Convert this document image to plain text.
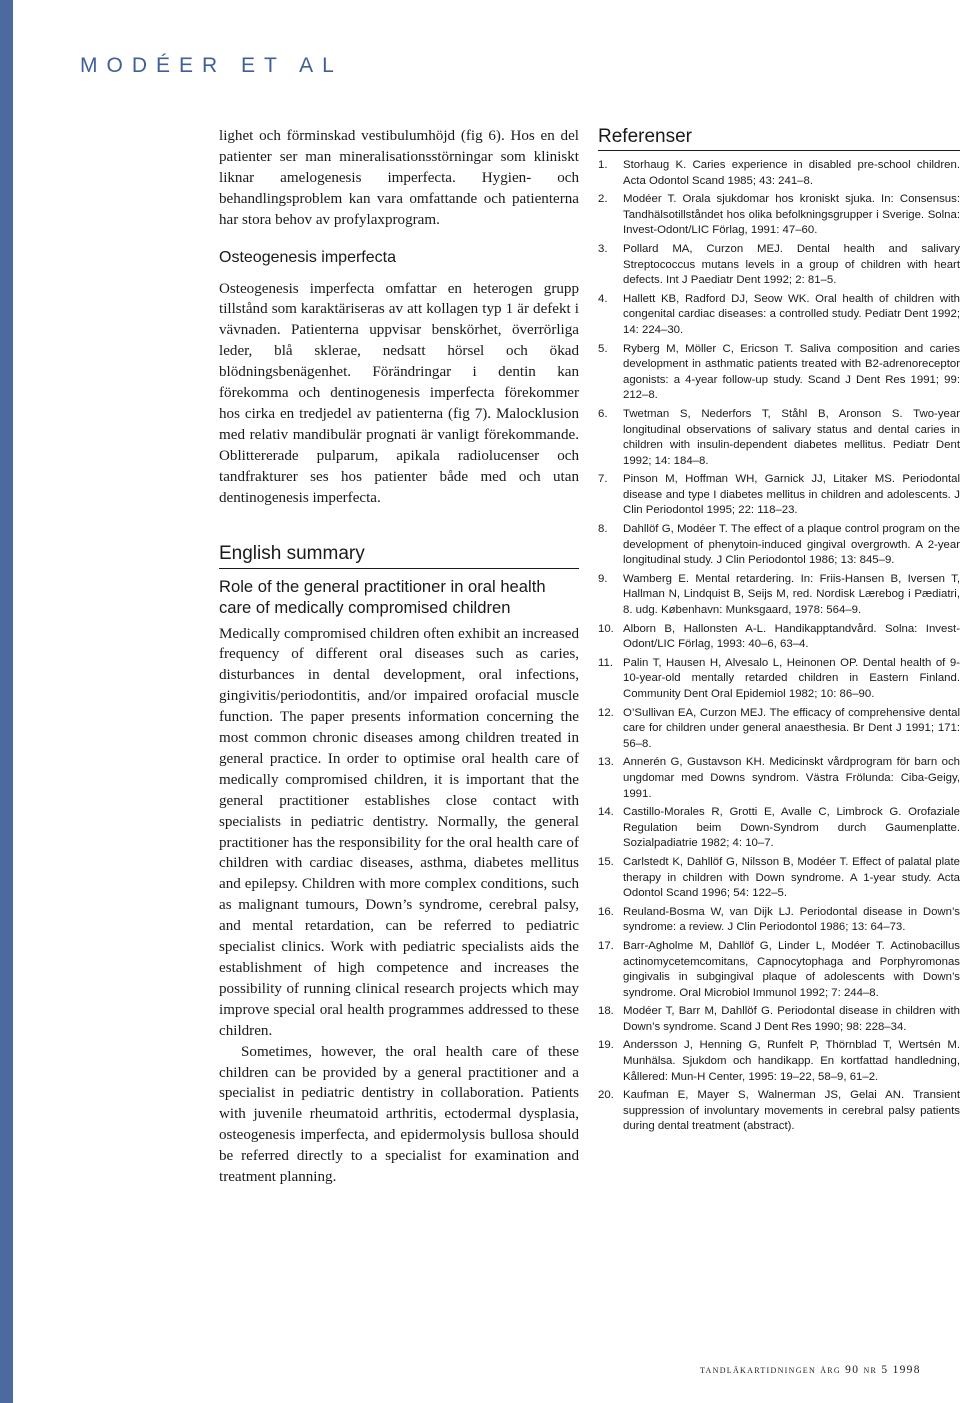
MODÉER ET AL

lighet och förminskad vestibulumhöjd (fig 6). Hos en del patienter ser man mineralisationsstörningar som kliniskt liknar amelogenesis imperfecta. Hygien- och behandlingsproblem kan vara omfattande och patienterna har stora behov av profylaxprogram.

Osteogenesis imperfecta

Osteogenesis imperfecta omfattar en heterogen grupp tillstånd som karaktäriseras av att kollagen typ 1 är defekt i vävnaden. Patienterna uppvisar benskörhet, överrörliga leder, blå sklerae, nedsatt hörsel och ökad blödningsbenägenhet. Förändringar i dentin kan förekomma och dentinogenesis imperfecta förekommer hos cirka en tredjedel av patienterna (fig 7). Malocklusion med relativ mandibulär prognati är vanligt förekommande. Oblittererade pulparum, apikala radiolucenser och tandfrakturer ses hos patienter både med och utan dentinogenesis imperfecta.

English summary
Role of the general practitioner in oral health care of medically compromised children

Medically compromised children often exhibit an increased frequency of different oral diseases such as caries, disturbances in dental development, oral infections, gingivitis/periodontitis, and/or impaired orofacial muscle function. The paper presents information concerning the most common chronic diseases among children treated in general practice. In order to optimise oral health care of medically compromised children, it is important that the general practitioner establishes close contact with specialists in pediatric dentistry. Normally, the general practitioner has the responsibility for the oral health care of children with cardiac diseases, asthma, diabetes mellitus and epilepsy. Children with more complex conditions, such as malignant tumours, Down’s syndrome, cerebral palsy, and mental retardation, can be referred to pediatric specialist clinics. Work with pediatric specialists aids the establishment of high competence and increases the possibility of running clinical research projects which may improve special oral health programmes addressed to these children.

Sometimes, however, the oral health care of these children can be provided by a general practitioner and a specialist in pediatric dentistry in collaboration. Patients with juvenile rheumatoid arthritis, ectodermal dysplasia, osteogenesis imperfecta, and epidermolysis bullosa should be referred directly to a specialist for examination and treatment planning.

Referenser
1. Storhaug K. Caries experience in disabled pre-school children. Acta Odontol Scand 1985; 43: 241–8.
2. Modéer T. Orala sjukdomar hos kroniskt sjuka. In: Consensus: Tandhälsotillståndet hos olika befolkningsgrupper i Sverige. Solna: Invest-Odont/LIC Förlag, 1991: 47–60.
3. Pollard MA, Curzon MEJ. Dental health and salivary Streptococcus mutans levels in a group of children with heart defects. Int J Paediatr Dent 1992; 2: 81–5.
4. Hallett KB, Radford DJ, Seow WK. Oral health of children with congenital cardiac diseases: a controlled study. Pediatr Dent 1992; 14: 224–30.
5. Ryberg M, Möller C, Ericson T. Saliva composition and caries development in asthmatic patients treated with B2-adrenoreceptor agonists: a 4-year follow-up study. Scand J Dent Res 1991; 99: 212–8.
6. Twetman S, Nederfors T, Ståhl B, Aronson S. Two-year longitudinal observations of salivary status and dental caries in children with insulin-dependent diabetes mellitus. Pediatr Dent 1992; 14: 184–8.
7. Pinson M, Hoffman WH, Garnick JJ, Litaker MS. Periodontal disease and type I diabetes mellitus in children and adolescents. J Clin Periodontol 1995; 22: 118–23.
8. Dahllöf G, Modéer T. The effect of a plaque control program on the development of phenytoin-induced gingival overgrowth. A 2-year longitudinal study. J Clin Periodontol 1986; 13: 845–9.
9. Wamberg E. Mental retardering. In: Friis-Hansen B, Iversen T, Hallman N, Lindquist B, Seijs M, red. Nordisk Lærebog i Pædiatri, 8. udg. København: Munksgaard, 1978: 564–9.
10. Alborn B, Hallonsten A-L. Handikapptandvård. Solna: Invest-Odont/LIC Förlag, 1993: 40–6, 63–4.
11. Palin T, Hausen H, Alvesalo L, Heinonen OP. Dental health of 9-10-year-old mentally retarded children in Eastern Finland. Community Dent Oral Epidemiol 1982; 10: 86–90.
12. O’Sullivan EA, Curzon MEJ. The efficacy of comprehensive dental care for children under general anaesthesia. Br Dent J 1991; 171: 56–8.
13. Annerén G, Gustavson KH. Medicinskt vårdprogram för barn och ungdomar med Downs syndrom. Västra Frölunda: Ciba-Geigy, 1991.
14. Castillo-Morales R, Grotti E, Avalle C, Limbrock G. Orofaziale Regulation beim Down-Syndrom durch Gaumenplatte. Sozialpadiatrie 1982; 4: 10–7.
15. Carlstedt K, Dahllöf G, Nilsson B, Modéer T. Effect of palatal plate therapy in children with Down syndrome. A 1-year study. Acta Odontol Scand 1996; 54: 122–5.
16. Reuland-Bosma W, van Dijk LJ. Periodontal disease in Down’s syndrome: a review. J Clin Periodontol 1986; 13: 64–73.
17. Barr-Agholme M, Dahllöf G, Linder L, Modéer T. Actinobacillus actinomycetemcomitans, Capnocytophaga and Porphyromonas gingivalis in subgingival plaque of adolescents with Down’s syndrome. Oral Microbiol Immunol 1992; 7: 244–8.
18. Modéer T, Barr M, Dahllöf G. Periodontal disease in children with Down’s syndrome. Scand J Dent Res 1990; 98: 228–34.
19. Andersson J, Henning G, Runfelt P, Thörnblad T, Wertsén M. Munhälsa. Sjukdom och handikapp. En kortfattad handledning, Kållered: Mun-H Center, 1995: 19–22, 58–9, 61–2.
20. Kaufman E, Mayer S, Walnerman JS, Gelai AN. Transient suppression of involuntary movements in cerebral palsy patients during dental treatment (abstract).
tandläkartidningen årg 90 nr 5 1998
